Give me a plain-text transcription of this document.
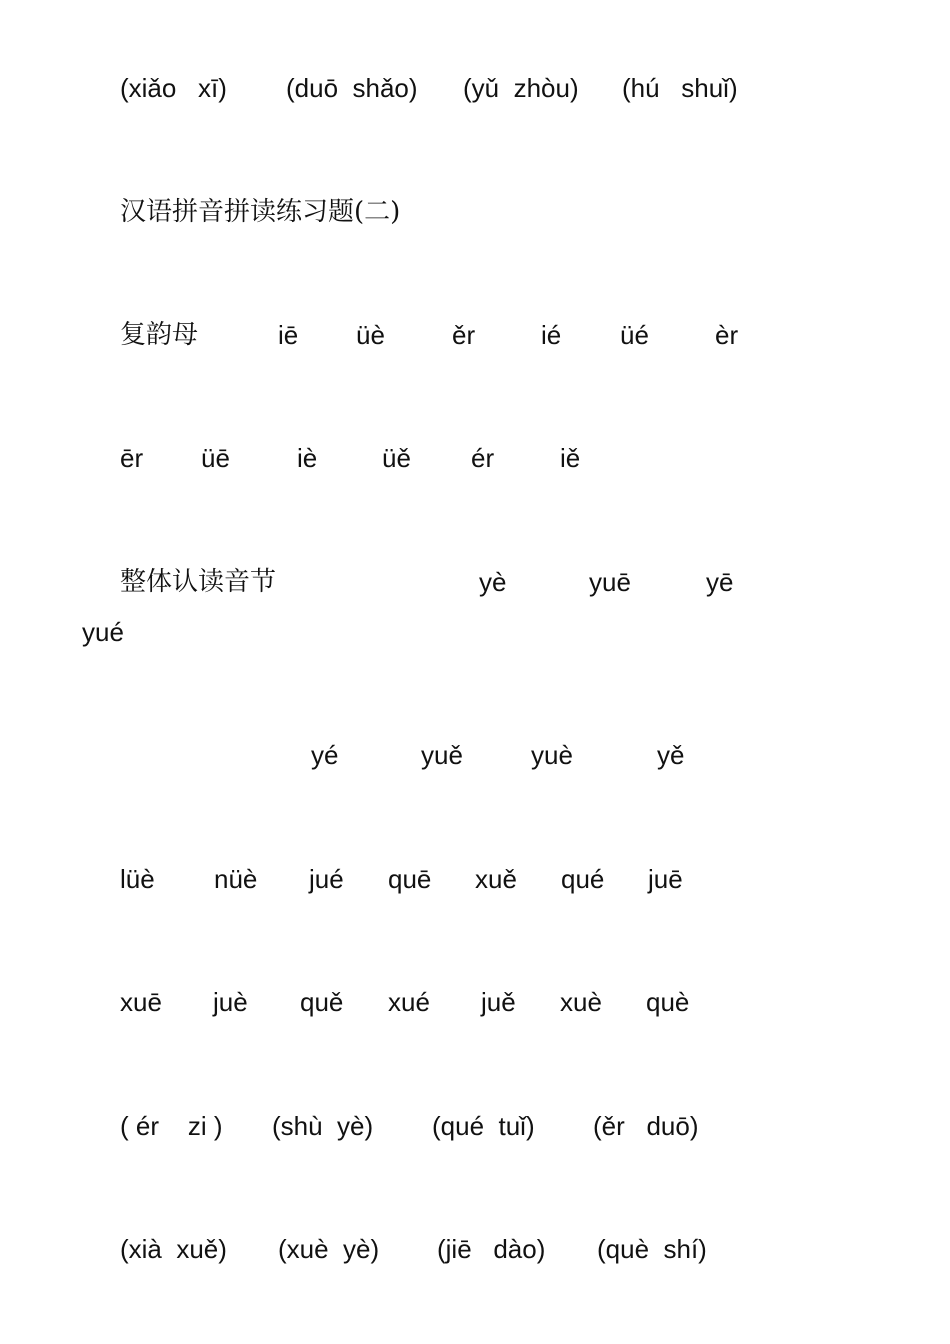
(xiǎo   xī) (duō  shǎo) (yǔ  zhòu) (hú   shuǐ)
汉语拼音拼读练习题(二)
复韵母	iē üè	ěr	ié üé	èr
ēr üē	iè üě ér	iě
整体认读音节	yè	yuē	yē
yué
yé	yuě	yuè	yě
lüè nüè jué quē xuě qué juē
xuē juè quě xué juě xuè què
( ér    zi ) (shù  yè) (qué  tuǐ) (ěr   duō)
(xià  xuě) (xuè  yè) (jiē   dào) (què  shí)
